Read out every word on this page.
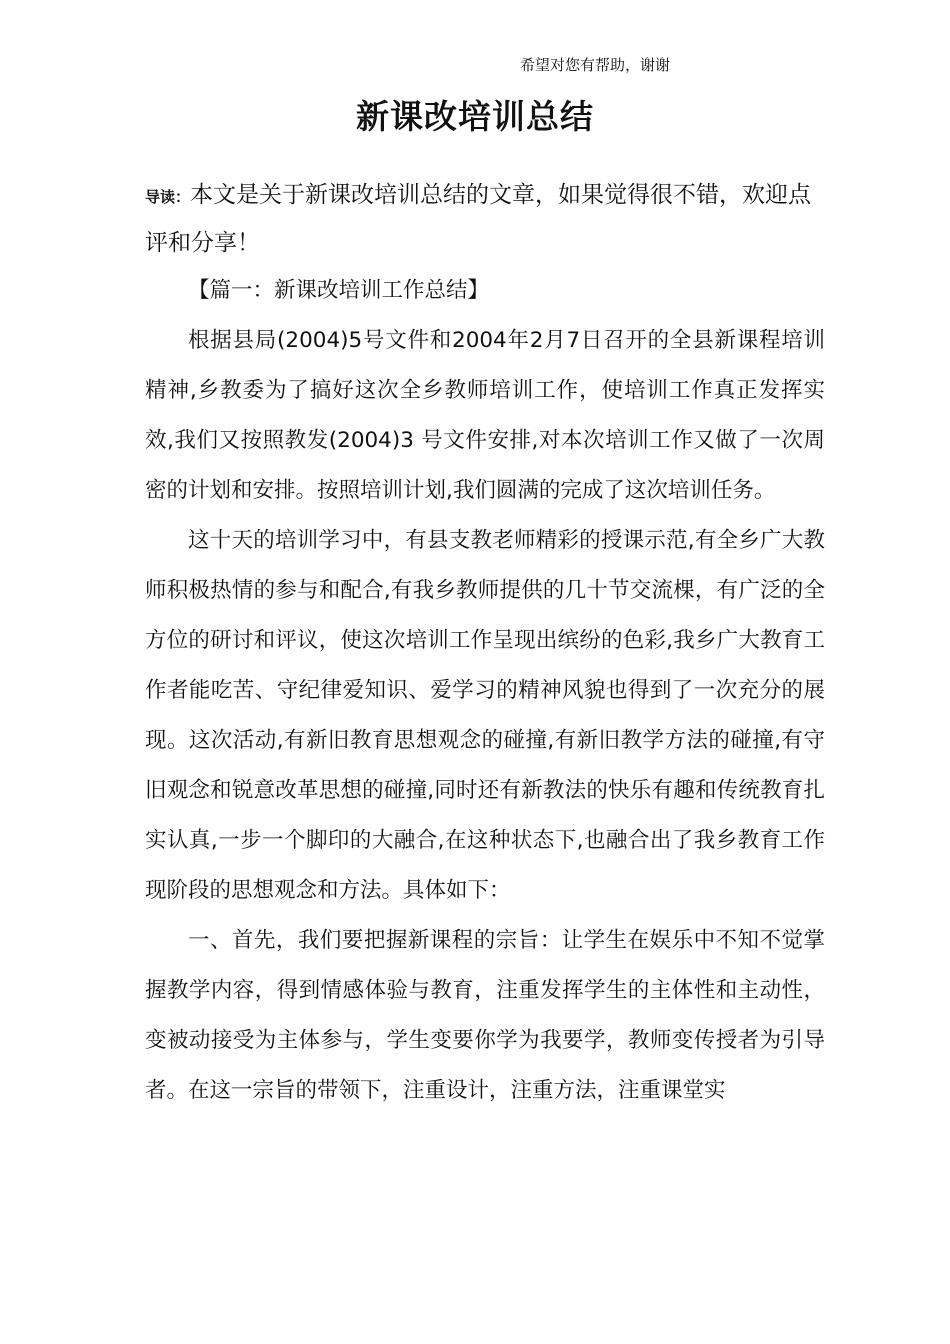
希望对您有帮助，谢谢
新课改培训总结
导读：本文是关于新课改培训总结的文章，如果觉得很不错，欢迎点评和分享！

【篇一：新课改培训工作总结】

根据县局(2004)5号文件和2004年2月7日召开的全县新课程培训精神,乡教委为了搞好这次全乡教师培训工作，使培训工作真正发挥实效,我们又按照教发(2004)3 号文件安排,对本次培训工作又做了一次周密的计划和安排。按照培训计划,我们圆满的完成了这次培训任务。

这十天的培训学习中，有县支教老师精彩的授课示范,有全乡广大教师积极热情的参与和配合,有我乡教师提供的几十节交流棵，有广泛的全方位的研讨和评议，使这次培训工作呈现出缤纷的色彩,我乡广大教育工作者能吃苦、守纪律爱知识、爱学习的精神风貌也得到了一次充分的展现。这次活动,有新旧教育思想观念的碰撞,有新旧教学方法的碰撞,有守旧观念和锐意改革思想的碰撞,同时还有新教法的快乐有趣和传统教育扎实认真,一步一个脚印的大融合,在这种状态下,也融合出了我乡教育工作现阶段的思想观念和方法。具体如下：

一、首先，我们要把握新课程的宗旨：让学生在娱乐中不知不觉掌握教学内容，得到情感体验与教育，注重发挥学生的主体性和主动性，变被动接受为主体参与，学生变要你学为我要学，教师变传授者为引导者。在这一宗旨的带领下，注重设计，注重方法，注重课堂实
